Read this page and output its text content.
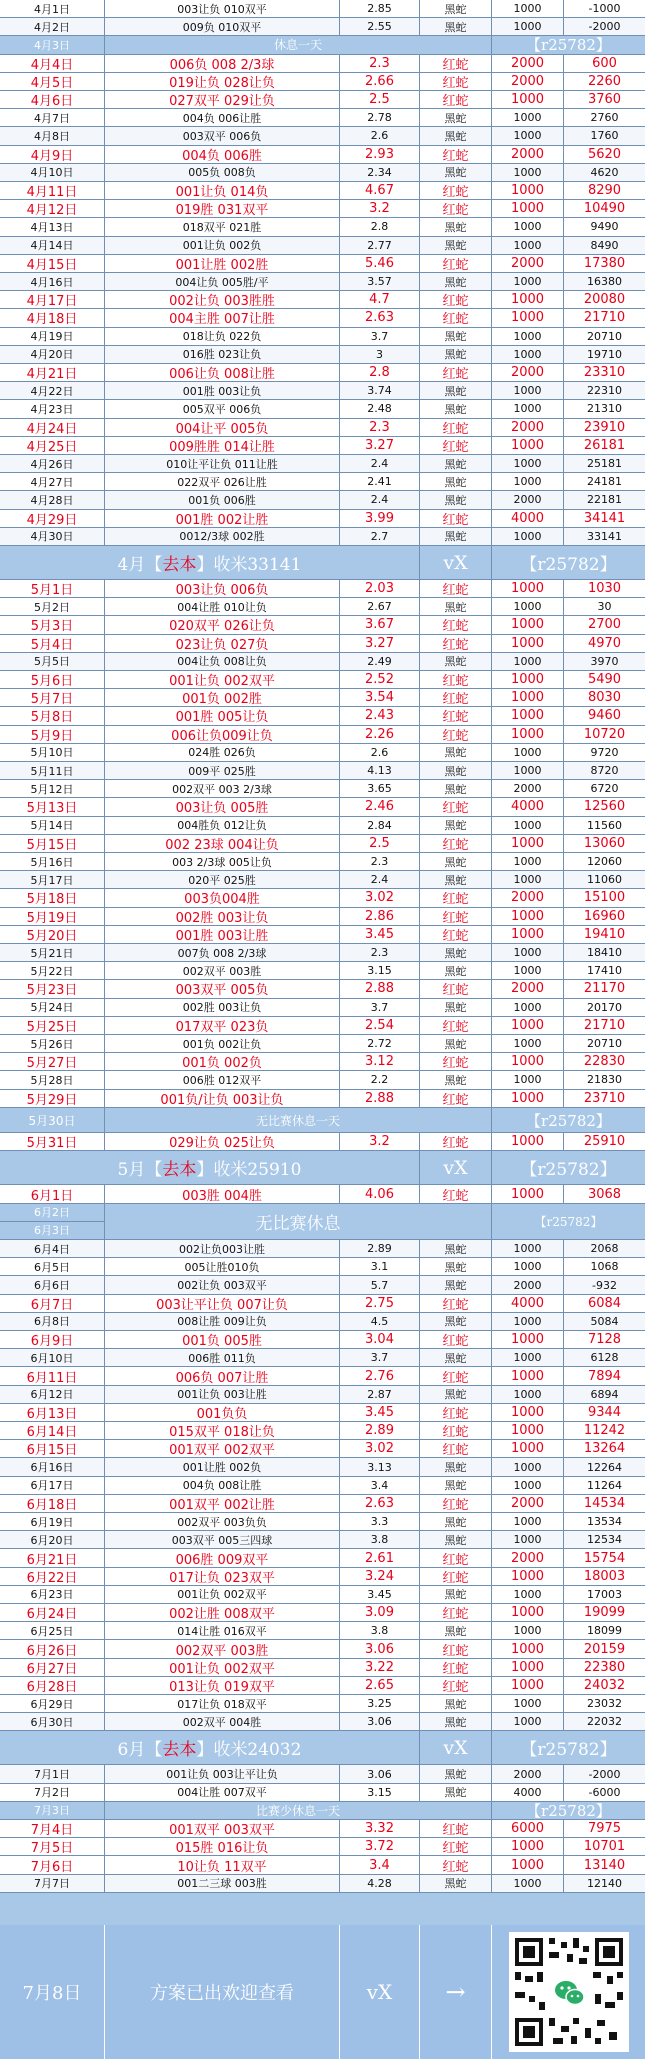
4月1日	003让负 010双平	2.85	黑蛇	1000	-1000
4月2日	009负 010双平	2.55	黑蛇	1000	-2000
4月3日	休息一天	【r25782】
4月4日	006负 008 2/3球	2.3	红蛇	2000	600
4月5日	019让负 028让负	2.66	红蛇	2000	2260
4月6日	027双平 029让负	2.5	红蛇	1000	3760
4月7日	004负 006让胜	2.78	黑蛇	1000	2760
4月8日	003双平 006负	2.6	黑蛇	1000	1760
4月9日	004负 006胜	2.93	红蛇	2000	5620
4月10日	005负 008负	2.34	黑蛇	1000	4620
4月11日	001让负 014负	4.67	红蛇	1000	8290
4月12日	019胜 031双平	3.2	红蛇	1000	10490
4月13日	018双平 021胜	2.8	黑蛇	1000	9490
4月14日	001让负 002负	2.77	黑蛇	1000	8490
4月15日	001让胜 002胜	5.46	红蛇	2000	17380
4月16日	004让负 005胜/平	3.57	黑蛇	1000	16380
4月17日	002让负 003胜胜	4.7	红蛇	1000	20080
4月18日	004主胜 007让胜	2.63	红蛇	1000	21710
4月19日	018让负 022负	3.7	黑蛇	1000	20710
4月20日	016胜 023让负	3	黑蛇	1000	19710
4月21日	006让负 008让胜	2.8	红蛇	2000	23310
4月22日	001胜 003让负	3.74	黑蛇	1000	22310
4月23日	005双平 006负	2.48	黑蛇	1000	21310
4月24日	004让平 005负	2.3	红蛇	2000	23910
4月25日	009胜胜 014让胜	3.27	红蛇	1000	26181
4月26日	010让平让负 011让胜	2.4	黑蛇	1000	25181
4月27日	022双平 026让胜	2.41	黑蛇	1000	24181
4月28日	001负 006胜	2.4	黑蛇	2000	22181
4月29日	001胜 002让胜	3.99	红蛇	4000	34141
4月30日	0012/3球 002胜	2.7	黑蛇	1000	33141
4月【 去本 】收米33141	vX	【r25782】
5月1日	003让负 006负	2.03	红蛇	1000	1030
5月2日	004让胜 010让负	2.67	黑蛇	1000	30
5月3日	020双平 026让负	3.67	红蛇	1000	2700
5月4日	023让负 027负	3.27	红蛇	1000	4970
5月5日	004让负 008让负	2.49	黑蛇	1000	3970
5月6日	001让负 002双平	2.52	红蛇	1000	5490
5月7日	001负 002胜	3.54	红蛇	1000	8030
5月8日	001胜 005让负	2.43	红蛇	1000	9460
5月9日	006让负009让负	2.26	红蛇	1000	10720
5月10日	024胜 026负	2.6	黑蛇	1000	9720
5月11日	009平 025胜	4.13	黑蛇	1000	8720
5月12日	002双平 003 2/3球	3.65	黑蛇	2000	6720
5月13日	003让负 005胜	2.46	红蛇	4000	12560
5月14日	004胜负 012让负	2.84	黑蛇	1000	11560
5月15日	002 23球 004让负	2.5	红蛇	1000	13060
5月16日	003 2/3球 005让负	2.3	黑蛇	1000	12060
5月17日	020平 025胜	2.4	黑蛇	1000	11060
5月18日	003负004胜	3.02	红蛇	2000	15100
5月19日	002胜 003让负	2.86	红蛇	1000	16960
5月20日	001胜 003让胜	3.45	红蛇	1000	19410
5月21日	007负 008 2/3球	2.3	黑蛇	1000	18410
5月22日	002双平 003胜	3.15	黑蛇	1000	17410
5月23日	003双平 005负	2.88	红蛇	2000	21170
5月24日	002胜 003让负	3.7	黑蛇	1000	20170
5月25日	017双平 023负	2.54	红蛇	1000	21710
5月26日	001负 002让负	2.72	黑蛇	1000	20710
5月27日	001负 002负	3.12	红蛇	1000	22830
5月28日	006胜 012双平	2.2	黑蛇	1000	21830
5月29日	001负/让负 003让负	2.88	红蛇	1000	23710
5月30日	无比赛休息一天	【r25782】
5月31日	029让负 025让负	3.2	红蛇	1000	25910
5月【 去本 】收米25910	vX	【r25782】
6月1日	003胜 004胜	4.06	红蛇	1000	3068
6月2日
6月3日	无比赛休息	【r25782】
6月4日	002让负003让胜	2.89	黑蛇	1000	2068
6月5日	005让胜010负	3.1	黑蛇	1000	1068
6月6日	002让负 003双平	5.7	黑蛇	2000	-932
6月7日	003让平让负 007让负	2.75	红蛇	4000	6084
6月8日	008让胜 009让负	4.5	黑蛇	1000	5084
6月9日	001负 005胜	3.04	红蛇	1000	7128
6月10日	006胜 011负	3.7	黑蛇	1000	6128
6月11日	006负 007让胜	2.76	红蛇	1000	7894
6月12日	001让负 003让胜	2.87	黑蛇	1000	6894
6月13日	001负负	3.45	红蛇	1000	9344
6月14日	015双平 018让负	2.89	红蛇	1000	11242
6月15日	001双平 002双平	3.02	红蛇	1000	13264
6月16日	001让胜 002负	3.13	黑蛇	1000	12264
6月17日	004负 008让胜	3.4	黑蛇	1000	11264
6月18日	001双平 002让胜	2.63	红蛇	2000	14534
6月19日	002双平 003负负	3.3	黑蛇	1000	13534
6月20日	003双平 005三四球	3.8	黑蛇	1000	12534
6月21日	006胜 009双平	2.61	红蛇	2000	15754
6月22日	017让负 023双平	3.24	红蛇	1000	18003
6月23日	001让负 002双平	3.45	黑蛇	1000	17003
6月24日	002让胜 008双平	3.09	红蛇	1000	19099
6月25日	014让胜 016双平	3.8	黑蛇	1000	18099
6月26日	002双平 003胜	3.06	红蛇	1000	20159
6月27日	001让负 002双平	3.22	红蛇	1000	22380
6月28日	013让负 019双平	2.65	红蛇	1000	24032
6月29日	017让负 018双平	3.25	黑蛇	1000	23032
6月30日	002双平 004胜	3.06	黑蛇	1000	22032
6月【 去本 】收米24032	vX	【r25782】
7月1日	001让负 003让平让负	3.06	黑蛇	2000	-2000
7月2日	004让胜 007双平	3.15	黑蛇	4000	-6000
7月3日	比赛少休息一天	【r25782】
7月4日	001双平 003双平	3.32	红蛇	6000	7975
7月5日	015胜 016让负	3.72	红蛇	1000	10701
7月6日	10让负 11双平	3.4	红蛇	1000	13140
7月7日	001二三球 003胜	4.28	黑蛇	1000	12140
7月8日	方案已出欢迎查看	vX	→
